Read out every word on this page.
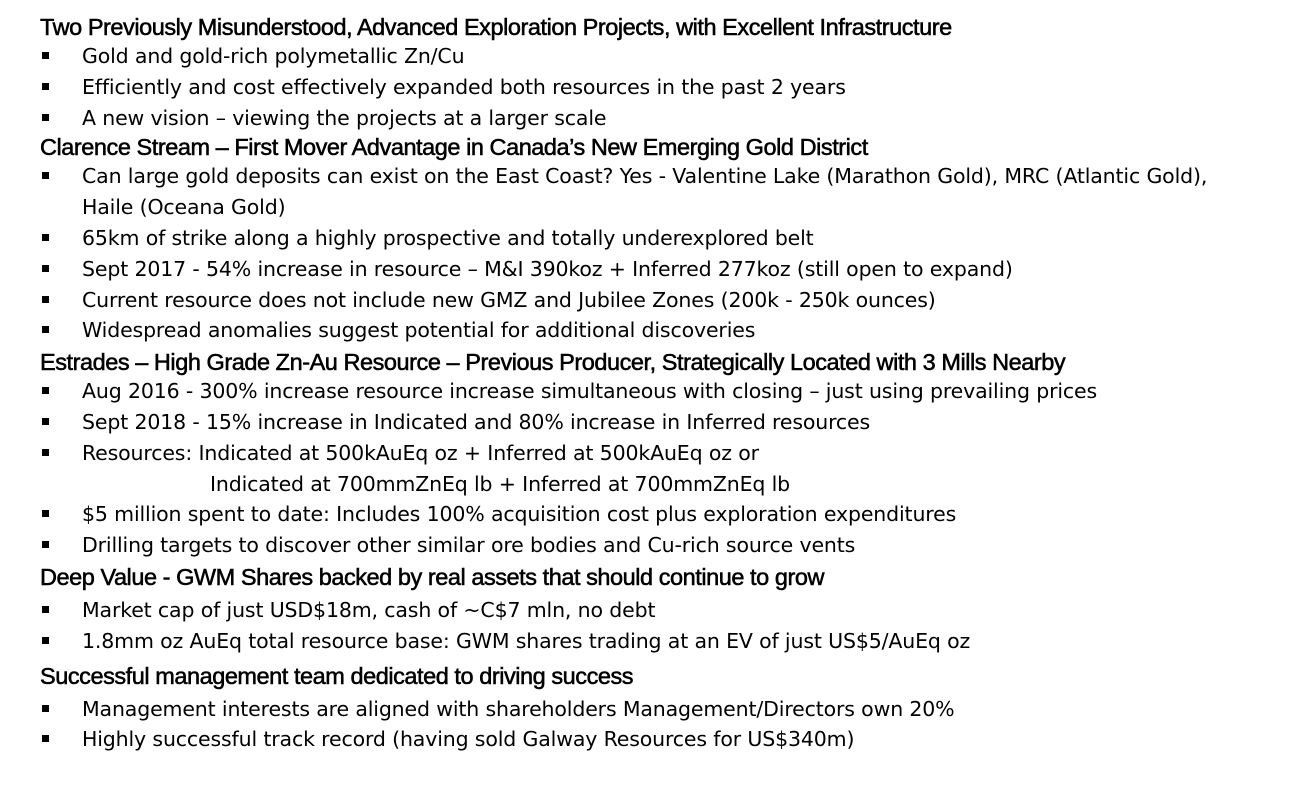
Two Previously Misunderstood, Advanced Exploration Projects, with Excellent Infrastructure

Gold and gold-rich polymetallic Zn/Cu
Efficiently and cost effectively expanded both resources in the past 2 years
A new vision – viewing the projects at a larger scale

Clarence Stream – First Mover Advantage in Canada’s New Emerging Gold District

Can large gold deposits can exist on the East Coast? Yes - Valentine Lake (Marathon Gold), MRC (Atlantic Gold),
Haile (Oceana Gold)
65km of strike along a highly prospective and totally underexplored belt
Sept 2017 - 54% increase in resource – M&I 390koz + Inferred 277koz (still open to expand)
Current resource does not include new GMZ and Jubilee Zones (200k - 250k ounces)
Widespread anomalies suggest potential for additional discoveries

Estrades – High Grade Zn-Au Resource – Previous Producer, Strategically Located with 3 Mills Nearby

Aug 2016 - 300% increase resource increase simultaneous with closing – just using prevailing prices
Sept 2018 - 15% increase in Indicated and 80% increase in Inferred resources
Resources: Indicated at 500kAuEq oz + Inferred at 500kAuEq oz or
Indicated at 700mmZnEq lb + Inferred at 700mmZnEq lb
$5 million spent to date: Includes 100% acquisition cost plus exploration expenditures
Drilling targets to discover other similar ore bodies and Cu-rich source vents

Deep Value - GWM Shares backed by real assets that should continue to grow

Market cap of just USD$18m, cash of ~C$7 mln, no debt
1.8mm oz AuEq total resource base: GWM shares trading at an EV of just US$5/AuEq oz

Successful management team dedicated to driving success

Management interests are aligned with shareholders Management/Directors own 20%
Highly successful track record (having sold Galway Resources for US$340m)
